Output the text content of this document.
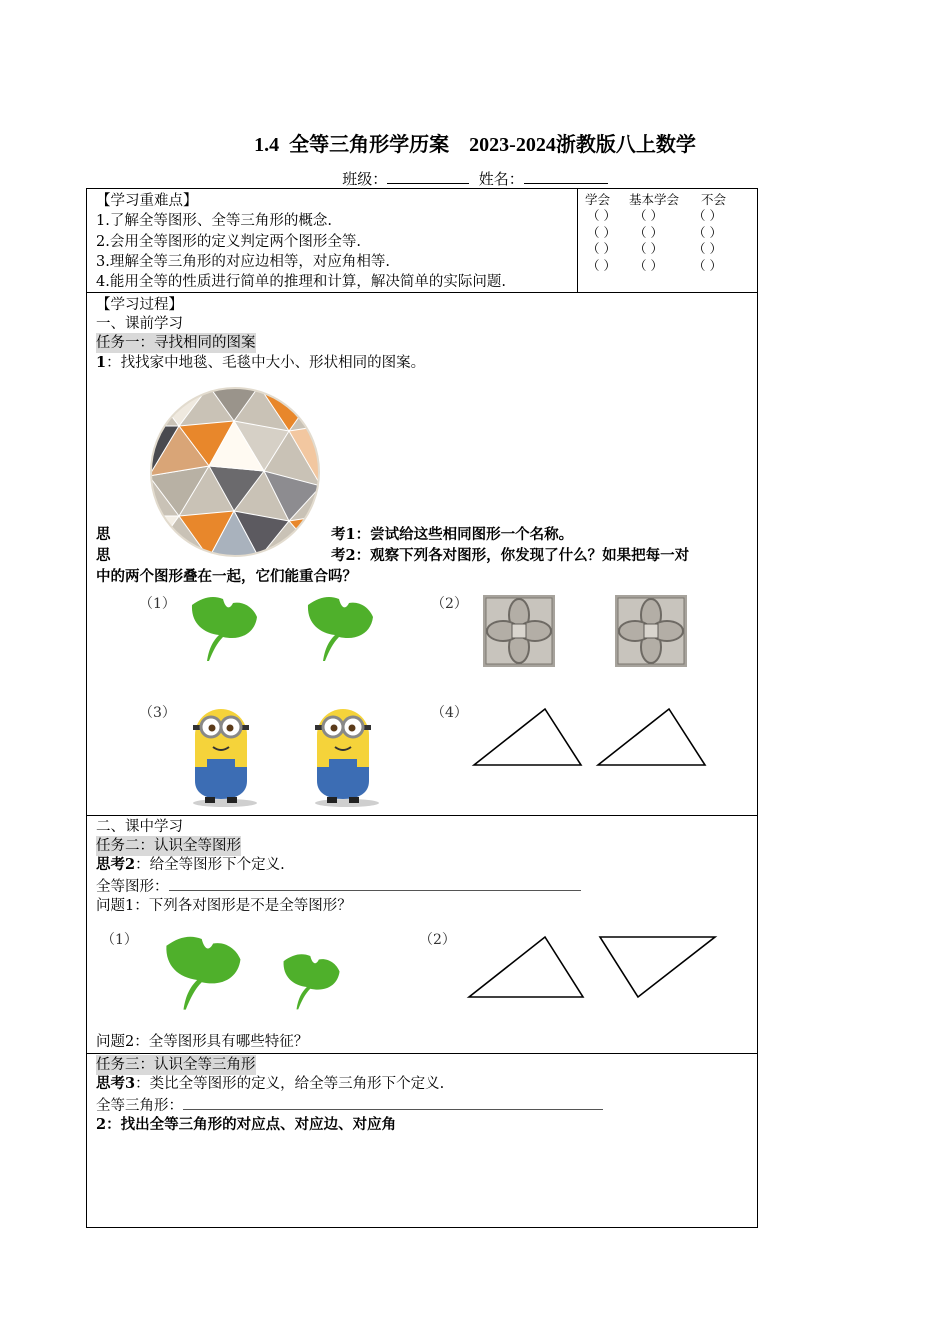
1.4  全等三角形学历案    2023-2024浙教版八上数学
班级：	姓名：
【学习重难点】
1.了解全等图形、全等三角形的概念.
2.会用全等图形的定义判定两个图形全等.
3.理解全等三角形的对应边相等，对应角相等.
4.能用全等的性质进行简单的推理和计算，解决简单的实际问题.
学会 基本学会 不会
（ ） （ ） （ ）
（ ） （ ） （ ）
（ ） （ ） （ ）
（ ） （ ） （ ）
【学习过程】
一、课前学习
任务一：寻找相同的图案
1：找找家中地毯、毛毯中大小、形状相同的图案。
思	考1：尝试给这些相同图形一个名称。
思	考2：观察下列各对图形，你发现了什么？如果把每一对
中的两个图形叠在一起，它们能重合吗？
（1）	（2）
（3）	（4）
二、课中学习
任务二：认识全等图形
思考2：给全等图形下个定义.
全等图形：
问题1：下列各对图形是不是全等图形？
（1）	（2）
问题2：全等图形具有哪些特征？
任务三：认识全等三角形
思考3：类比全等图形的定义，给全等三角形下个定义.
全等三角形：
2：找出全等三角形的对应点、对应边、对应角
